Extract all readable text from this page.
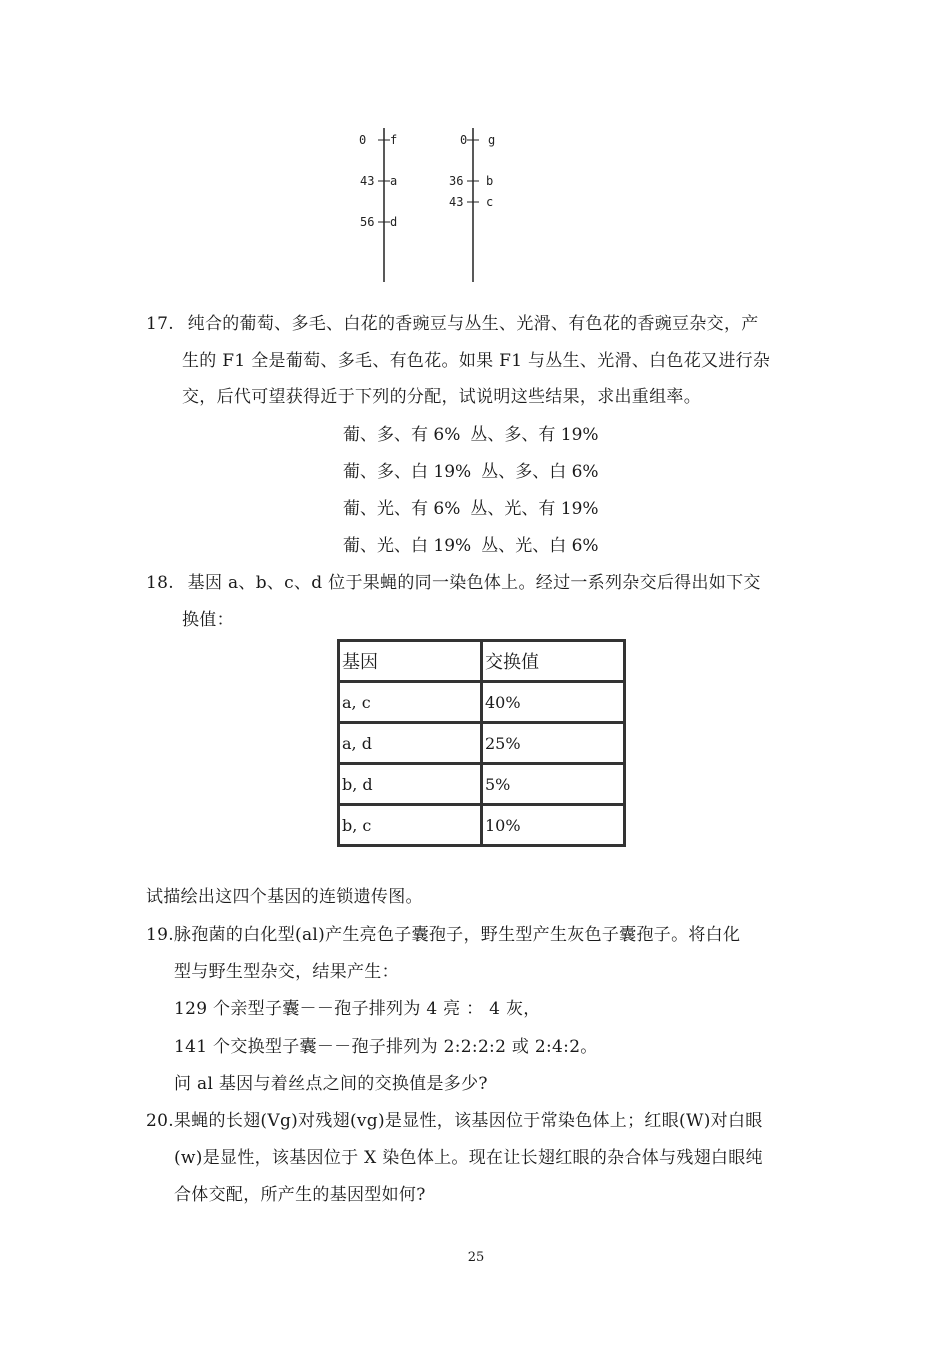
0 f
43 a
56 d
0 g
36 b
43 c
17. 纯合的葡萄、多毛、白花的香豌豆与丛生、光滑、有色花的香豌豆杂交，产
生的 F1 全是葡萄、多毛、有色花。如果 F1 与丛生、光滑、白色花又进行杂
交，后代可望获得近于下列的分配，试说明这些结果，求出重组率。
葡、多、有 6% 丛、多、有 19%
葡、多、白 19% 丛、多、白 6%
葡、光、有 6% 丛、光、有 19%
葡、光、白 19% 丛、光、白 6%
18. 基因 a、b、c、d 位于果蝇的同一染色体上。经过一系列杂交后得出如下交
换值：
基因	交换值
a, c	40%
a, d	25%
b, d	5%
b, c	10%
试描绘出这四个基因的连锁遗传图。
19.脉孢菌的白化型(al)产生亮色子囊孢子，野生型产生灰色子囊孢子。将白化
型与野生型杂交，结果产生：
129 个亲型子囊－－孢子排列为 4 亮 ： 4 灰，
141 个交换型子囊－－孢子排列为 2:2:2:2 或 2:4:2。
问 al 基因与着丝点之间的交换值是多少?
20.果蝇的长翅(Vg)对残翅(vg)是显性，该基因位于常染色体上；红眼(W)对白眼
(w)是显性，该基因位于 X 染色体上。现在让长翅红眼的杂合体与残翅白眼纯
合体交配，所产生的基因型如何?
25
